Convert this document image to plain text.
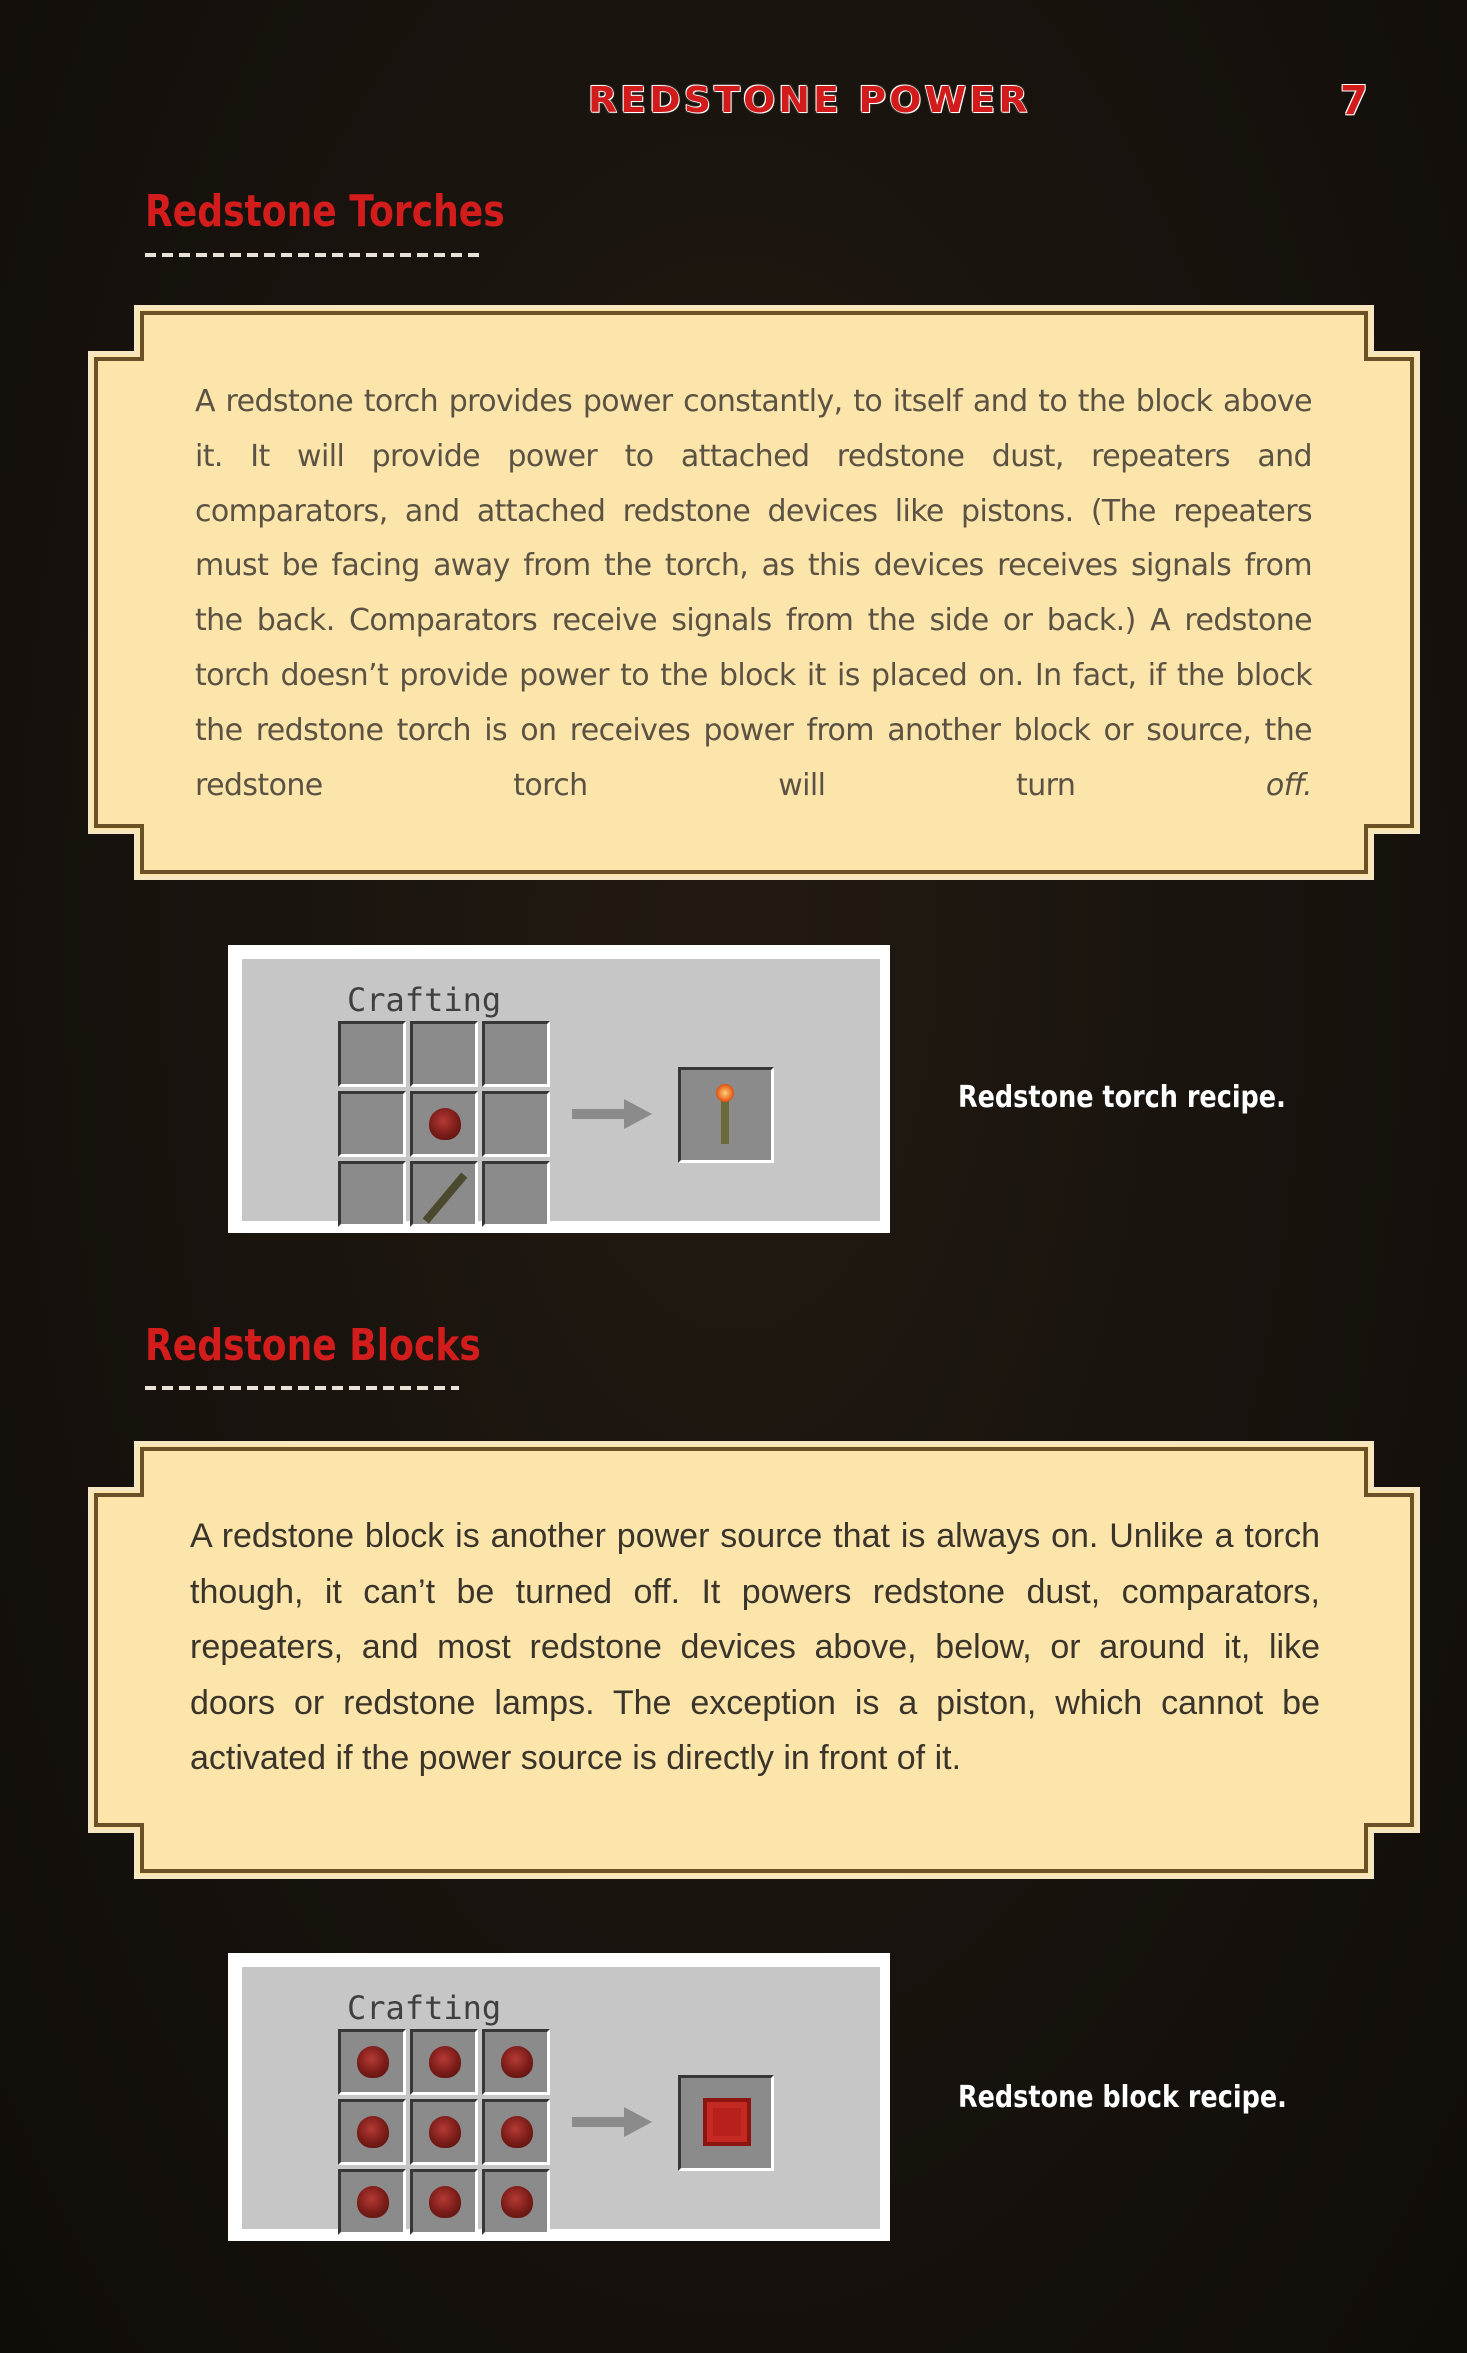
REDSTONE POWER	7
Redstone Torches
A redstone torch provides power constantly, to itself and to the block above it. It will provide power to attached redstone dust, repeaters and comparators, and attached redstone devices like pistons. (The repeaters must be facing away from the torch, as this devices receives signals from the back. Comparators receive signals from the side or back.) A redstone torch doesn’t provide power to the block it is placed on. In fact, if the block the redstone torch is on receives power from another block or source, the redstone torch will turn off.
Crafting
Redstone torch recipe.
Redstone Blocks
A redstone block is another power source that is always on. Unlike a torch though, it can’t be turned off. It powers redstone dust, comparators, repeaters, and most redstone devices above, below, or around it, like doors or redstone lamps. The exception is a piston, which cannot be activated if the power source is directly in front of it.
Crafting
Redstone block recipe.
